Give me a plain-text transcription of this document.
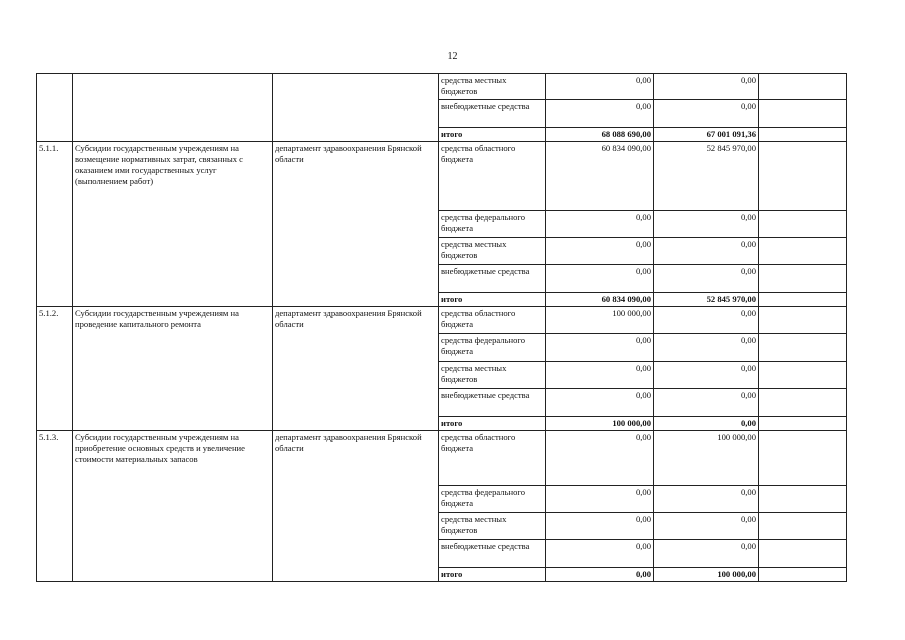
12
			средства местных бюджетов	0,00	0,00	
			внебюджетные средства	0,00	0,00	
			итого	68 088 690,00	67 001 091,36	
5.1.1.	Субсидии государственным учреждениям на возмещение нормативных затрат, связанных с оказанием ими государственных услуг (выполнением работ)	департамент здравоохранения Брянской области	средства областного бюджета	60 834 090,00	52 845 970,00	
			средства федерального бюджета	0,00	0,00	
			средства местных бюджетов	0,00	0,00	
			внебюджетные средства	0,00	0,00	
			итого	60 834 090,00	52 845 970,00	
5.1.2.	Субсидии государственным учреждениям на проведение капитального ремонта	департамент здравоохранения Брянской области	средства областного бюджета	100 000,00	0,00	
			средства федерального бюджета	0,00	0,00	
			средства местных бюджетов	0,00	0,00	
			внебюджетные средства	0,00	0,00	
			итого	100 000,00	0,00	
5.1.3.	Субсидии государственным учреждениям на приобретение основных средств и увеличение стоимости материальных запасов	департамент здравоохранения Брянской области	средства областного бюджета	0,00	100 000,00	
			средства федерального бюджета	0,00	0,00	
			средства местных бюджетов	0,00	0,00	
			внебюджетные средства	0,00	0,00	
			итого	0,00	100 000,00	
